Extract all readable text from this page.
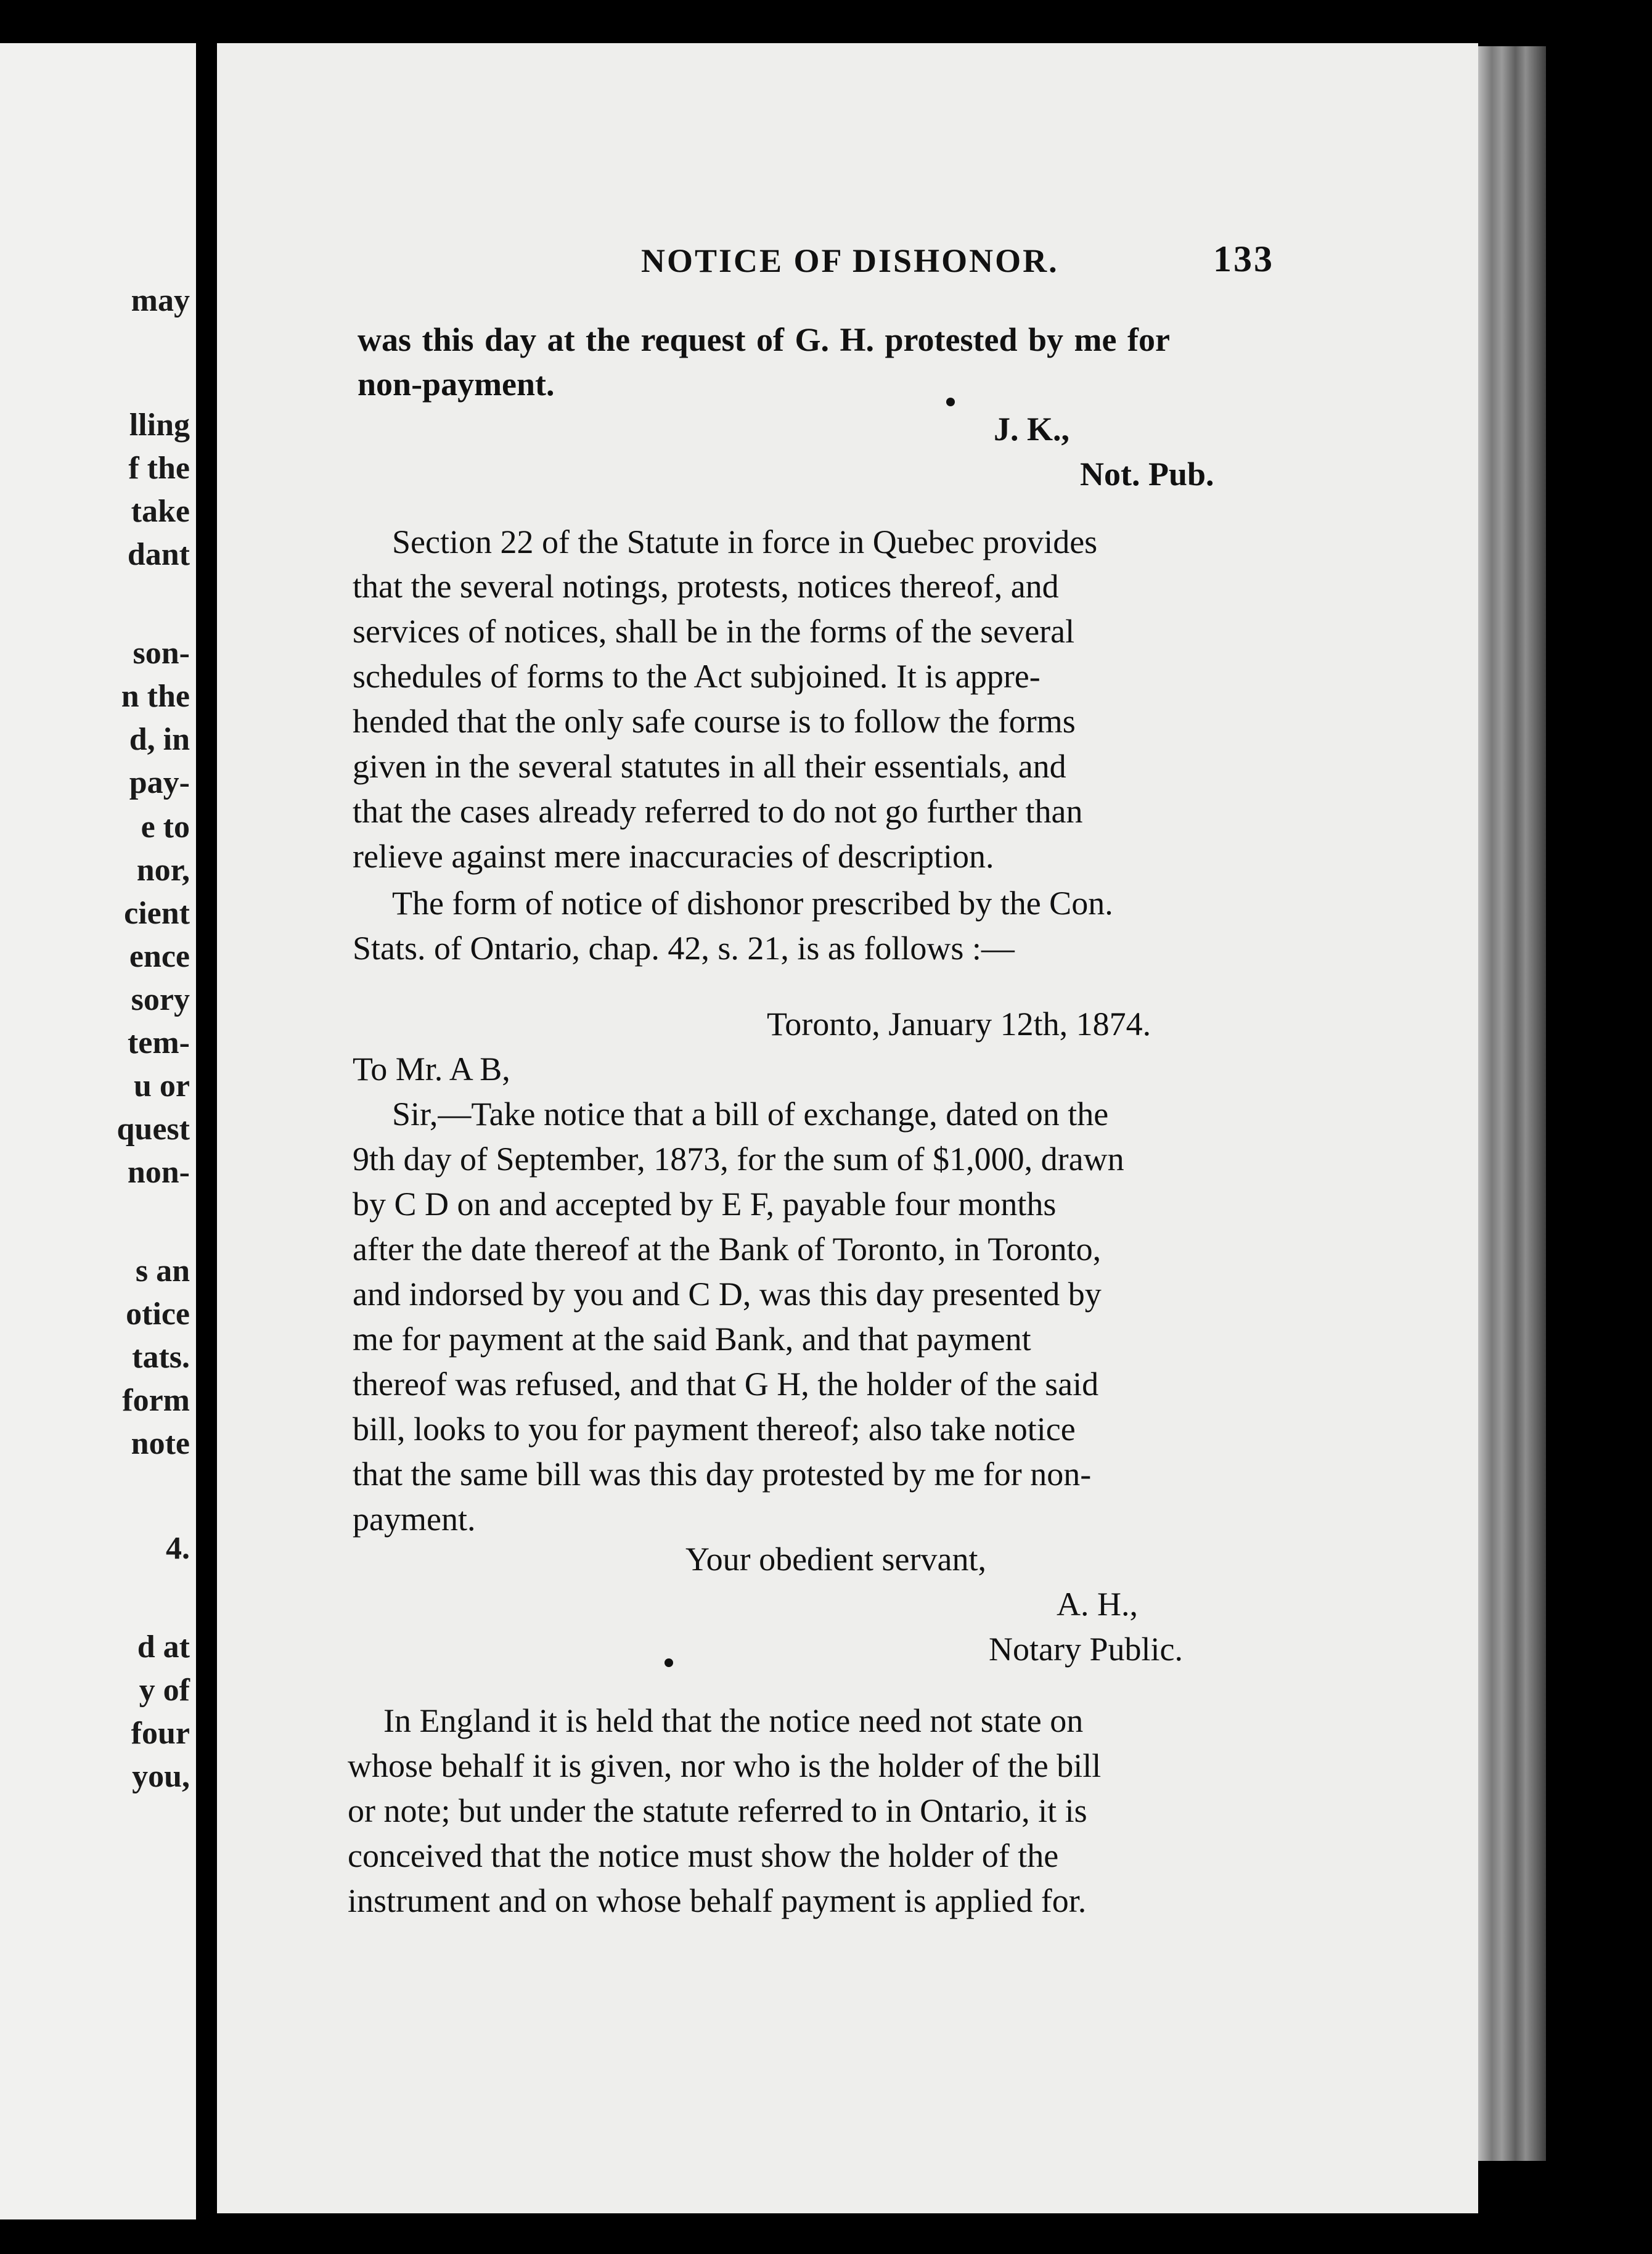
may
lling
f the
take
dant
son-
n the
d, in
pay-
e to
nor,
cient
ence
sory
tem-
u or
quest
non-
s an
otice
tats.
form
note
4.
d at
y of
four
you,
NOTICE OF DISHONOR.	133
was this day at the request of G. H. protested by me for
non-payment.
J. K.,
Not. Pub.
Section 22 of the Statute in force in Quebec provides
that the several notings, protests, notices thereof, and
services of notices, shall be in the forms of the several
schedules of forms to the Act subjoined. It is appre-
hended that the only safe course is to follow the forms
given in the several statutes in all their essentials, and
that the cases already referred to do not go further than
relieve against mere inaccuracies of description.
The form of notice of dishonor prescribed by the Con.
Stats. of Ontario, chap. 42, s. 21, is as follows :—
Toronto, January 12th, 1874.
To Mr. A B,
Sir,—Take notice that a bill of exchange, dated on the
9th day of September, 1873, for the sum of $1,000, drawn
by C D on and accepted by E F, payable four months
after the date thereof at the Bank of Toronto, in Toronto,
and indorsed by you and C D, was this day presented by
me for payment at the said Bank, and that payment
thereof was refused, and that G H, the holder of the said
bill, looks to you for payment thereof; also take notice
that the same bill was this day protested by me for non-
payment.
Your obedient servant,
A. H.,
Notary Public.
In England it is held that the notice need not state on
whose behalf it is given, nor who is the holder of the bill
or note; but under the statute referred to in Ontario, it is
conceived that the notice must show the holder of the
instrument and on whose behalf payment is applied for.
